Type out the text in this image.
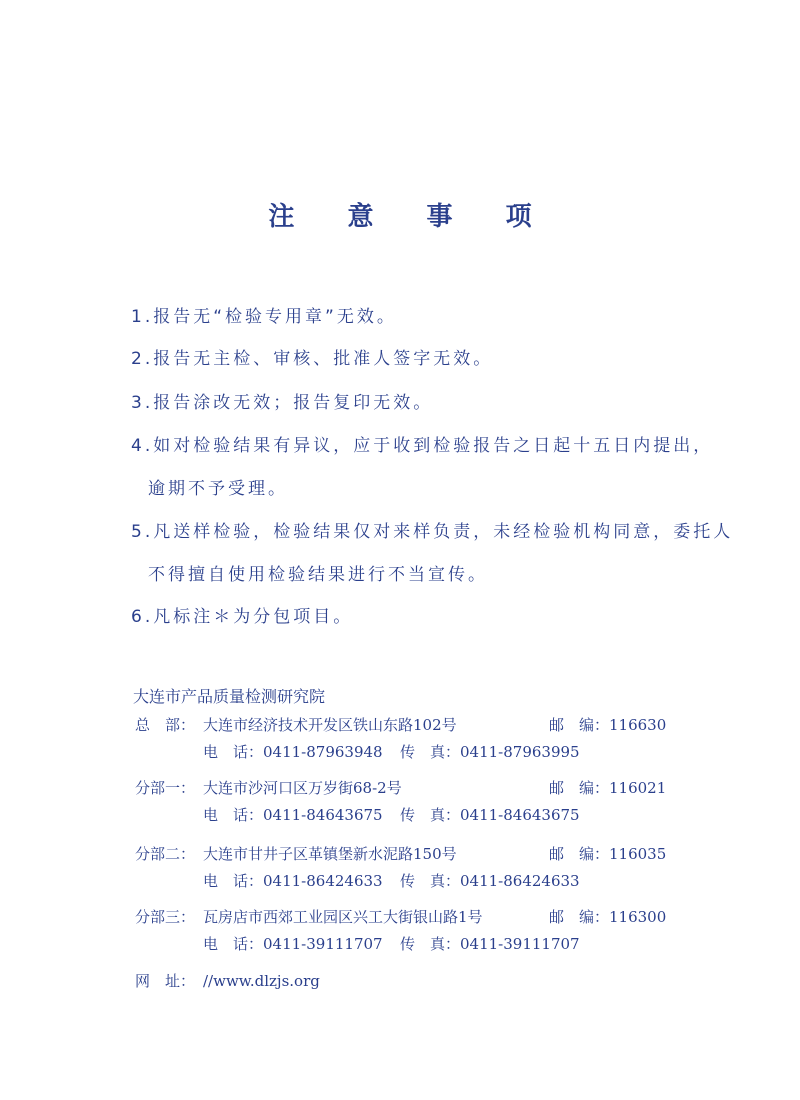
注 意 事 项
1.报告无“检验专用章”无效。
2.报告无主检、审核、批准人签字无效。
3.报告涂改无效；报告复印无效。
4.如对检验结果有异议，应于收到检验报告之日起十五日内提出，
逾期不予受理。
5.凡送样检验，检验结果仅对来样负责，未经检验机构同意，委托人
不得擅自使用检验结果进行不当宣传。
6.凡标注＊为分包项目。
大连市产品质量检测研究院
总　部： 大连市经济技术开发区铁山东路102号	邮　编：116630
电　话：0411-87963948 传　真：0411-87963995
分部一： 大连市沙河口区万岁街68-2号	邮　编：116021
电　话：0411-84643675 传　真：0411-84643675
分部二： 大连市甘井子区革镇堡新水泥路150号	邮　编：116035
电　话：0411-86424633 传　真：0411-86424633
分部三： 瓦房店市西郊工业园区兴工大街银山路1号	邮　编：116300
电　话：0411-39111707 传　真：0411-39111707
网　址： //www.dlzjs.org
